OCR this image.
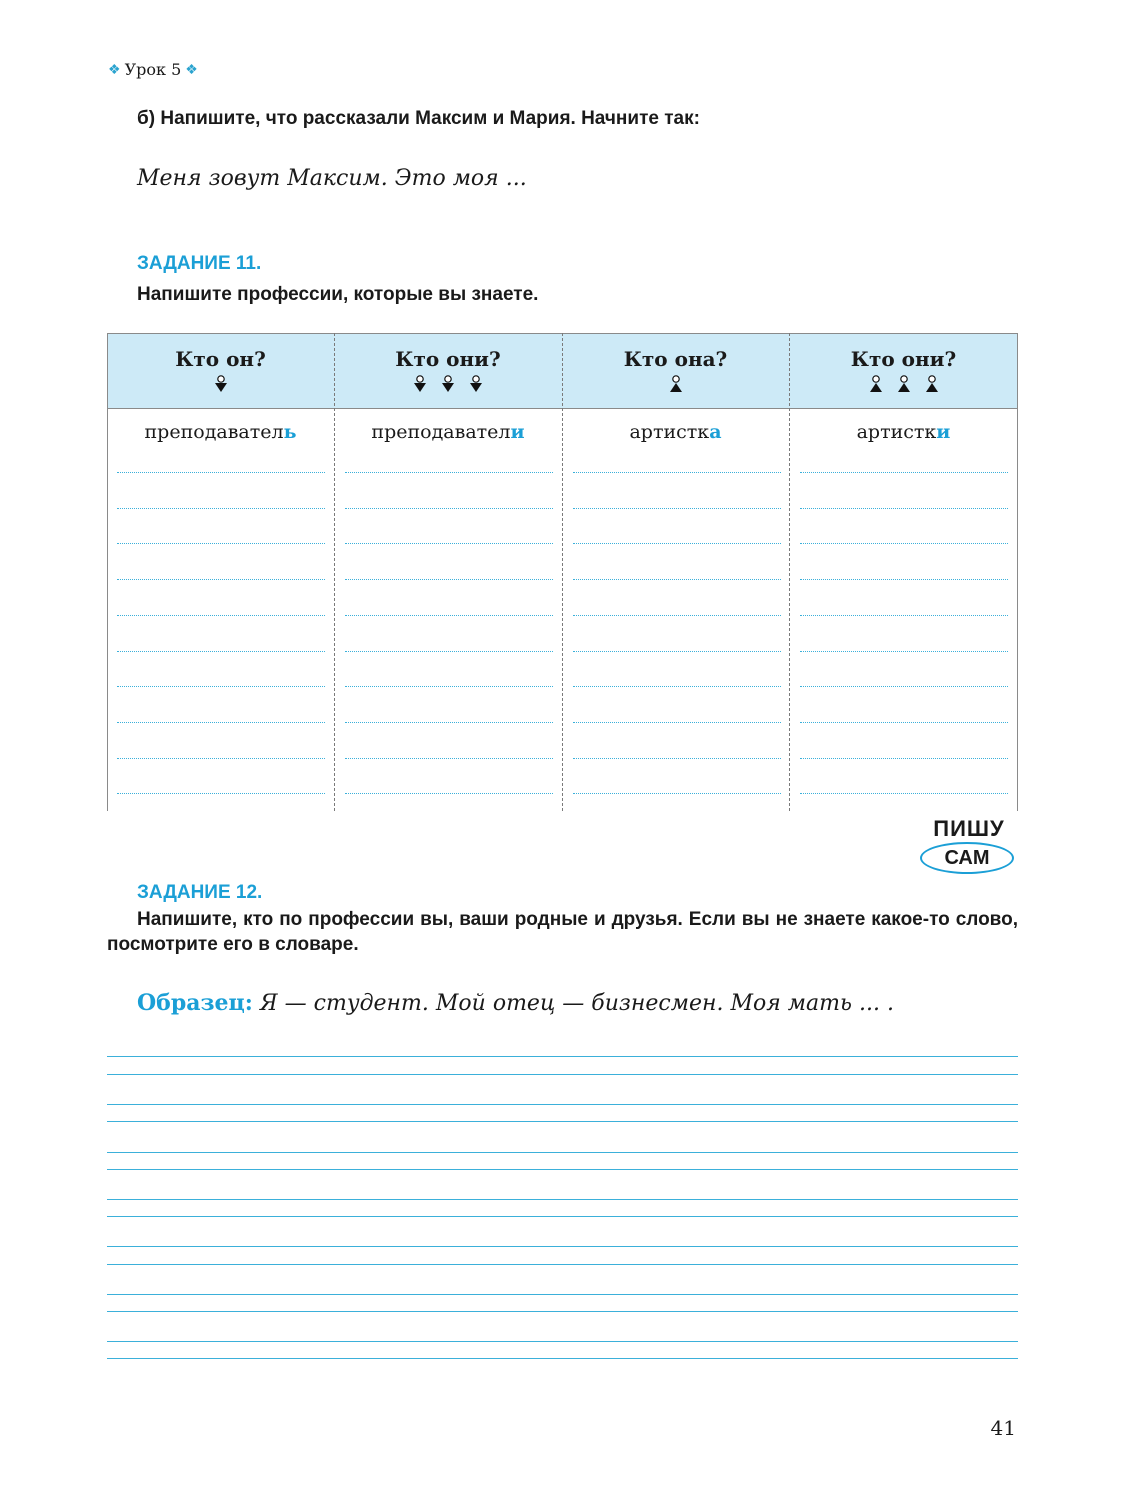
❖ Урок 5 ❖
б) Напишите, что рассказали Максим и Мария. Начните так:
Меня зовут Максим. Это моя ...
ЗАДАНИЕ 11.
Напишите профессии, которые вы знаете.
Кто он?
преподаватель
Кто они?
преподаватели
Кто она?
артистка
Кто они?
артистки
ПИШУ
САМ
ЗАДАНИЕ 12.
Напишите, кто по профессии вы, ваши родные и друзья. Если вы не знаете какое-то слово, посмотрите его в словаре.
Образец: Я — студент. Мой отец — бизнесмен. Моя мать ... .
41
